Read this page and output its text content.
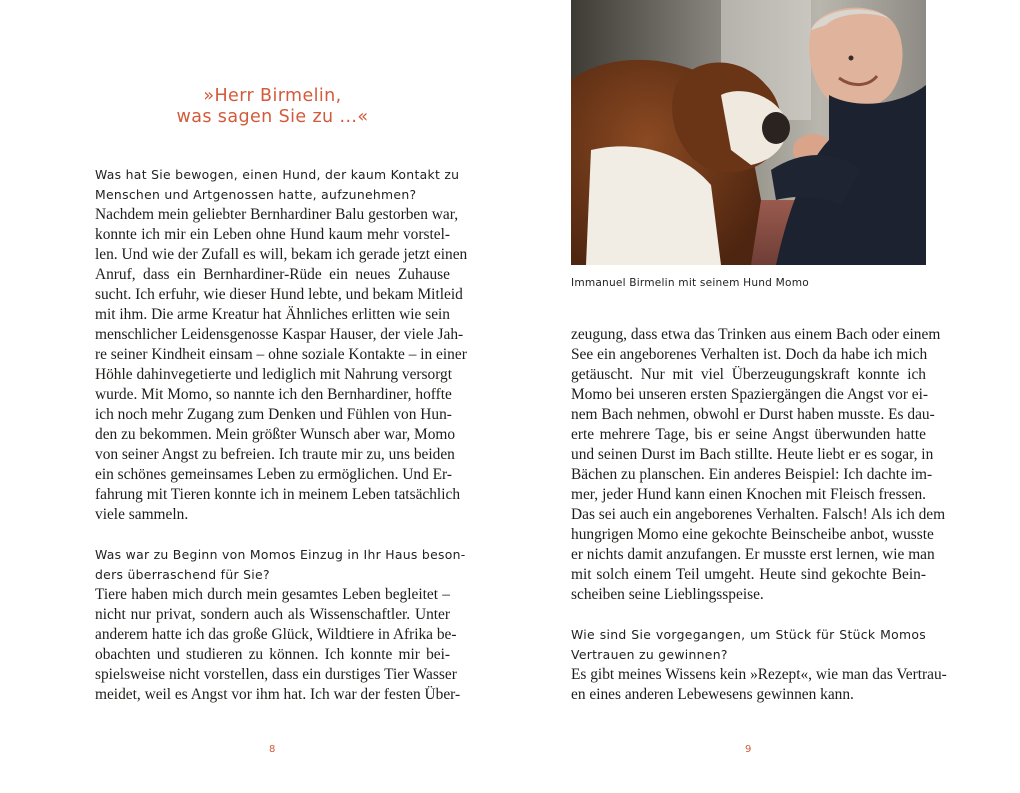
»Herr Birmelin,
was sagen Sie zu ...«
Was hat Sie bewogen, einen Hund, der kaum Kontakt zu
Menschen und Artgenossen hatte, aufzunehmen?
Nachdem mein geliebter Bernhardiner Balu gestorben war,
konnte ich mir ein Leben ohne Hund kaum mehr vorstel-
len. Und wie der Zufall es will, bekam ich gerade jetzt einen
Anruf, dass ein Bernhardiner-Rüde ein neues Zuhause
sucht. Ich erfuhr, wie dieser Hund lebte, und bekam Mitleid
mit ihm. Die arme Kreatur hat Ähnliches erlitten wie sein
menschlicher Leidensgenosse Kaspar Hauser, der viele Jah-
re seiner Kindheit einsam – ohne soziale Kontakte – in einer
Höhle dahinvegetierte und lediglich mit Nahrung versorgt
wurde. Mit Momo, so nannte ich den Bernhardiner, hoffte
ich noch mehr Zugang zum Denken und Fühlen von Hun-
den zu bekommen. Mein größter Wunsch aber war, Momo
von seiner Angst zu befreien. Ich traute mir zu, uns beiden
ein schönes gemeinsames Leben zu ermöglichen. Und Er-
fahrung mit Tieren konnte ich in meinem Leben tatsächlich
viele sammeln.
Was war zu Beginn von Momos Einzug in Ihr Haus beson-
ders überraschend für Sie?
Tiere haben mich durch mein gesamtes Leben begleitet –
nicht nur privat, sondern auch als Wissenschaftler. Unter
anderem hatte ich das große Glück, Wildtiere in Afrika be-
obachten und studieren zu können. Ich konnte mir bei-
spielsweise nicht vorstellen, dass ein durstiges Tier Wasser
meidet, weil es Angst vor ihm hat. Ich war der festen Über-
Immanuel Birmelin mit seinem Hund Momo
zeugung, dass etwa das Trinken aus einem Bach oder einem
See ein angeborenes Verhalten ist. Doch da habe ich mich
getäuscht. Nur mit viel Überzeugungskraft konnte ich
Momo bei unseren ersten Spaziergängen die Angst vor ei-
nem Bach nehmen, obwohl er Durst haben musste. Es dau-
erte mehrere Tage, bis er seine Angst überwunden hatte
und seinen Durst im Bach stillte. Heute liebt er es sogar, in
Bächen zu planschen. Ein anderes Beispiel: Ich dachte im-
mer, jeder Hund kann einen Knochen mit Fleisch fressen.
Das sei auch ein angeborenes Verhalten. Falsch! Als ich dem
hungrigen Momo eine gekochte Beinscheibe anbot, wusste
er nichts damit anzufangen. Er musste erst lernen, wie man
mit solch einem Teil umgeht. Heute sind gekochte Bein-
scheiben seine Lieblingsspeise.
Wie sind Sie vorgegangen, um Stück für Stück Momos
Vertrauen zu gewinnen?
Es gibt meines Wissens kein »Rezept«, wie man das Vertrau-
en eines anderen Lebewesens gewinnen kann.
8	9
